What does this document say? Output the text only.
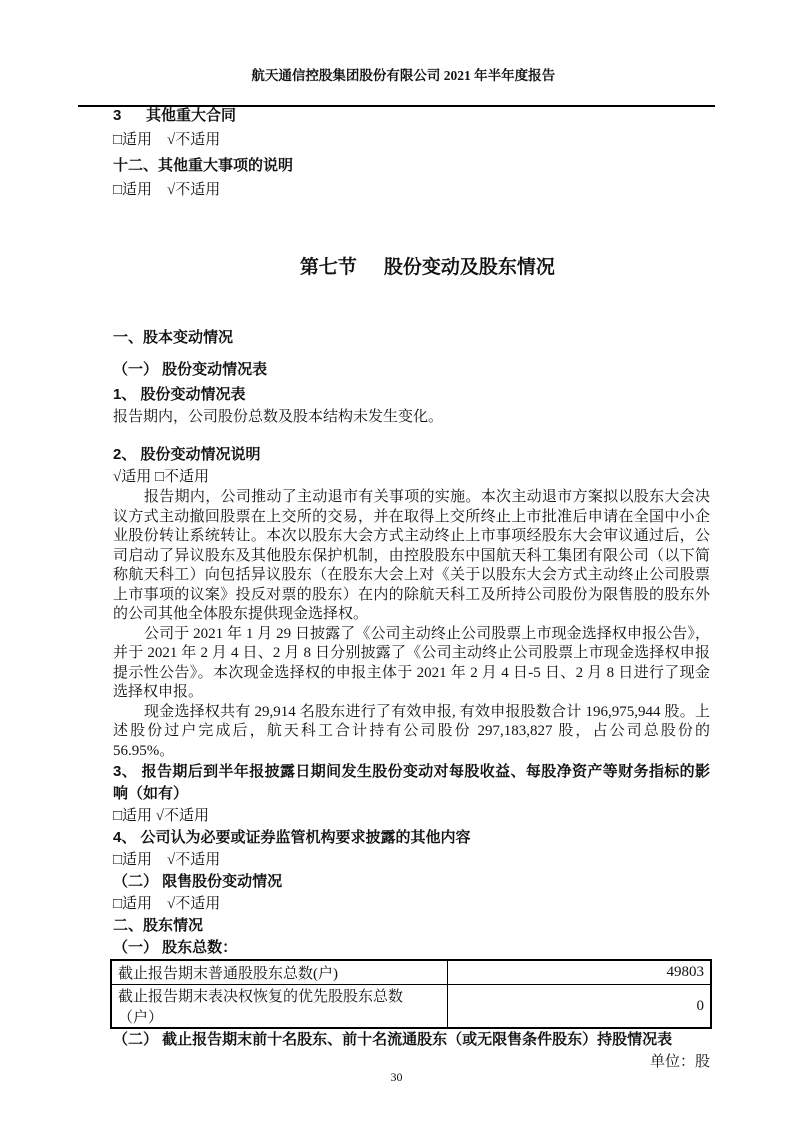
航天通信控股集团股份有限公司 2021 年半年度报告

3 其他重大合同
□适用　√不适用
十二、其他重大事项的说明
□适用　√不适用

第七节 股份变动及股东情况

一、股本变动情况
（一） 股份变动情况表
1、 股份变动情况表

报告期内，公司股份总数及股本结构未发生变化。

2、 股份变动情况说明
√适用 □不适用

报告期内，公司推动了主动退市有关事项的实施。本次主动退市方案拟以股东大会决议方式主动撤回股票在上交所的交易，并在取得上交所终止上市批准后申请在全国中小企业股份转让系统转让。本次以股东大会方式主动终止上市事项经股东大会审议通过后，公司启动了异议股东及其他股东保护机制，由控股股东中国航天科工集团有限公司（以下简称航天科工）向包括异议股东（在股东大会上对《关于以股东大会方式主动终止公司股票上市事项的议案》投反对票的股东）在内的除航天科工及所持公司股份为限售股的股东外的公司其他全体股东提供现金选择权。

公司于 2021 年 1 月 29 日披露了《公司主动终止公司股票上市现金选择权申报公告》，并于 2021 年 2 月 4 日、2 月 8 日分别披露了《公司主动终止公司股票上市现金选择权申报提示性公告》。本次现金选择权的申报主体于 2021 年 2 月 4 日-5 日、2 月 8 日进行了现金选择权申报。

现金选择权共有 29,914 名股东进行了有效申报, 有效申报股数合计 196,975,944 股。上述股份过户完成后，航天科工合计持有公司股份 297,183,827 股，占公司总股份的 56.95%。

3、 报告期后到半年报披露日期间发生股份变动对每股收益、每股净资产等财务指标的影响（如有）
□适用 √不适用
4、 公司认为必要或证券监管机构要求披露的其他内容
□适用　√不适用
（二） 限售股份变动情况
□适用　√不适用
二、股东情况
（一） 股东总数：
截止报告期末普通股股东总数(户)	49803
截止报告期末表决权恢复的优先股股东总数（户）	0
（二） 截止报告期末前十名股东、前十名流通股东（或无限售条件股东）持股情况表
单位：股
30
